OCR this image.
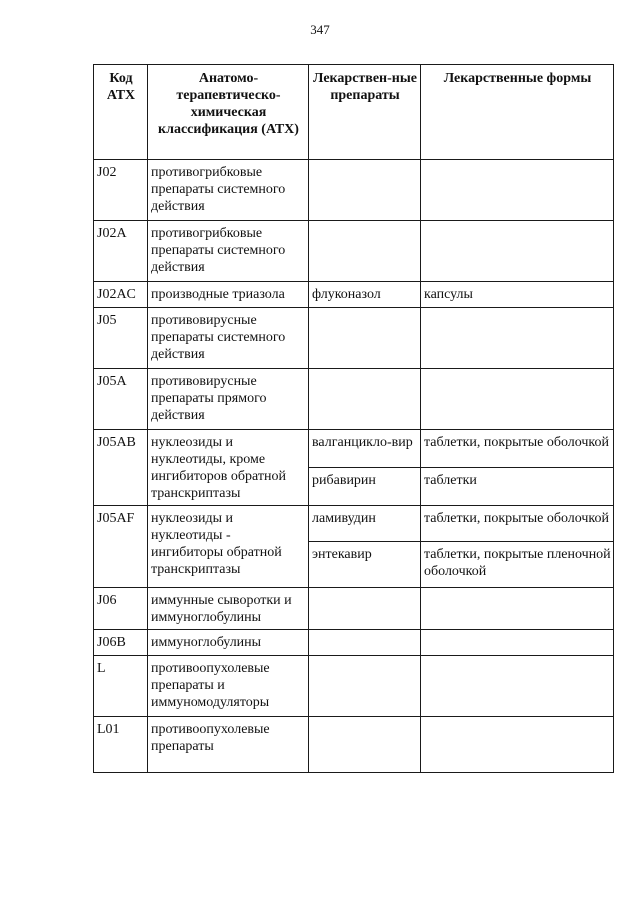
347
Код АТХ	Анатомо-терапевтическо-химическая классификация (АТХ)	Лекарствен-ные препараты	Лекарственные формы
J02	противогрибковые препараты системного действия		
J02A	противогрибковые препараты системного действия		
J02AC	производные триазола	флуконазол	капсулы
J05	противовирусные препараты системного действия		
J05A	противовирусные препараты прямого действия		
J05AB	нуклеозиды и нуклеотиды, кроме ингибиторов обратной транскриптазы	валганцикло-вир	таблетки, покрытые оболочкой
		рибавирин	таблетки
J05AF	нуклеозиды и нуклеотиды - ингибиторы обратной транскриптазы	ламивудин	таблетки, покрытые оболочкой
		энтекавир	таблетки, покрытые пленочной оболочкой
J06	иммунные сыворотки и иммуноглобулины		
J06B	иммуноглобулины		
L	противоопухолевые препараты и иммуномодуляторы		
L01	противоопухолевые препараты		
